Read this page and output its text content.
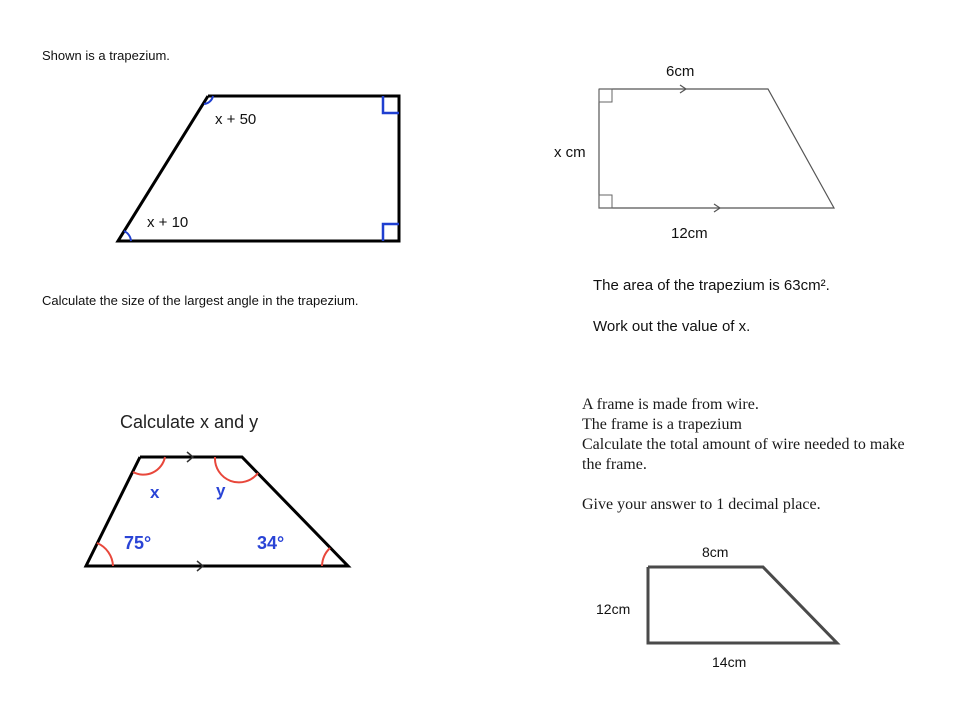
Shown is a trapezium.
x + 50
x + 10
Calculate the size of the largest angle in the trapezium.
6cm
x cm
12cm
The area of the trapezium is 63cm².
Work out the value of x.
Calculate x and y
x	y
75°	34°
A frame is made from wire.
The frame is a trapezium
Calculate the total amount of wire needed to make
the frame.
Give your answer to 1 decimal place.
8cm
12cm
14cm
